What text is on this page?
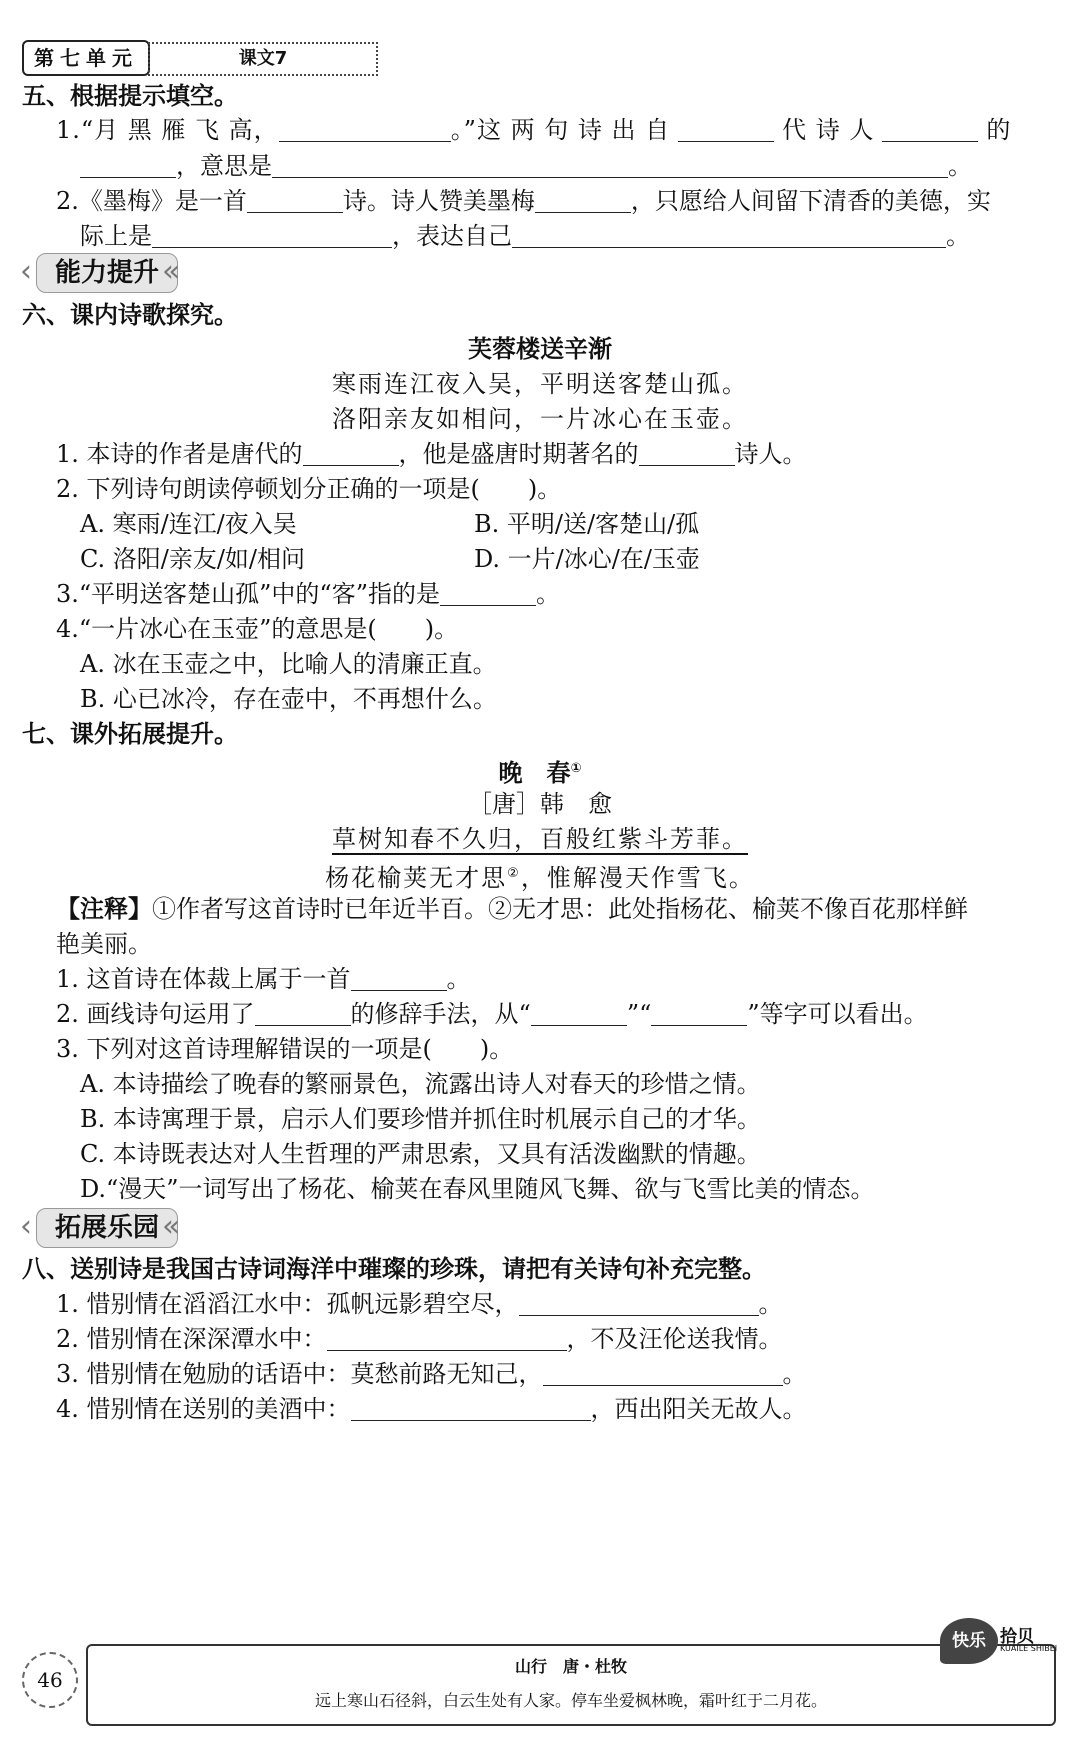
第七单元	课文7
五、根据提示填空。
1.“月 黑 雁 飞 高，	。”这 两 句 诗 出 自	代 诗 人	的
，意思是	。
2.《墨梅》是一首	诗。诗人赞美墨梅	，只愿给人间留下清香的美德，实
际上是	，表达自己	。
‹ 能力提升 «
六、课内诗歌探究。
芙蓉楼送辛渐
寒雨连江夜入吴，平明送客楚山孤。
洛阳亲友如相问，一片冰心在玉壶。
1. 本诗的作者是唐代的	，他是盛唐时期著名的	诗人。
2. 下列诗句朗读停顿划分正确的一项是(　　)。
A. 寒雨/连江/夜入吴	B. 平明/送/客楚山/孤
C. 洛阳/亲友/如/相问	D. 一片/冰心/在/玉壶
3.“平明送客楚山孤”中的“客”指的是	。
4.“一片冰心在玉壶”的意思是(　　)。
A. 冰在玉壶之中，比喻人的清廉正直。
B. 心已冰冷，存在壶中，不再想什么。
七、课外拓展提升。
晚　春①
［唐］韩　愈
草树知春不久归，百般红紫斗芳菲。
杨花榆荚无才思②，惟解漫天作雪飞。
【注释】①作者写这首诗时已年近半百。②无才思：此处指杨花、榆荚不像百花那样鲜
艳美丽。
1. 这首诗在体裁上属于一首	。
2. 画线诗句运用了	的修辞手法，从“	”“	”等字可以看出。
3. 下列对这首诗理解错误的一项是(　　)。
A. 本诗描绘了晚春的繁丽景色，流露出诗人对春天的珍惜之情。
B. 本诗寓理于景，启示人们要珍惜并抓住时机展示自己的才华。
C. 本诗既表达对人生哲理的严肃思索，又具有活泼幽默的情趣。
D.“漫天”一词写出了杨花、榆荚在春风里随风飞舞、欲与飞雪比美的情态。
‹ 拓展乐园 «
八、送别诗是我国古诗词海洋中璀璨的珍珠，请把有关诗句补充完整。
1. 惜别情在滔滔江水中：孤帆远影碧空尽，	。
2. 惜别情在深深潭水中：	，不及汪伦送我情。
3. 惜别情在勉励的话语中：莫愁前路无知己，	。
4. 惜别情在送别的美酒中：	，西出阳关无故人。
46
山行　唐・杜牧
远上寒山石径斜，白云生处有人家。停车坐爱枫林晚，霜叶红于二月花。
快乐 拾贝
KUAILE SHIBEI
